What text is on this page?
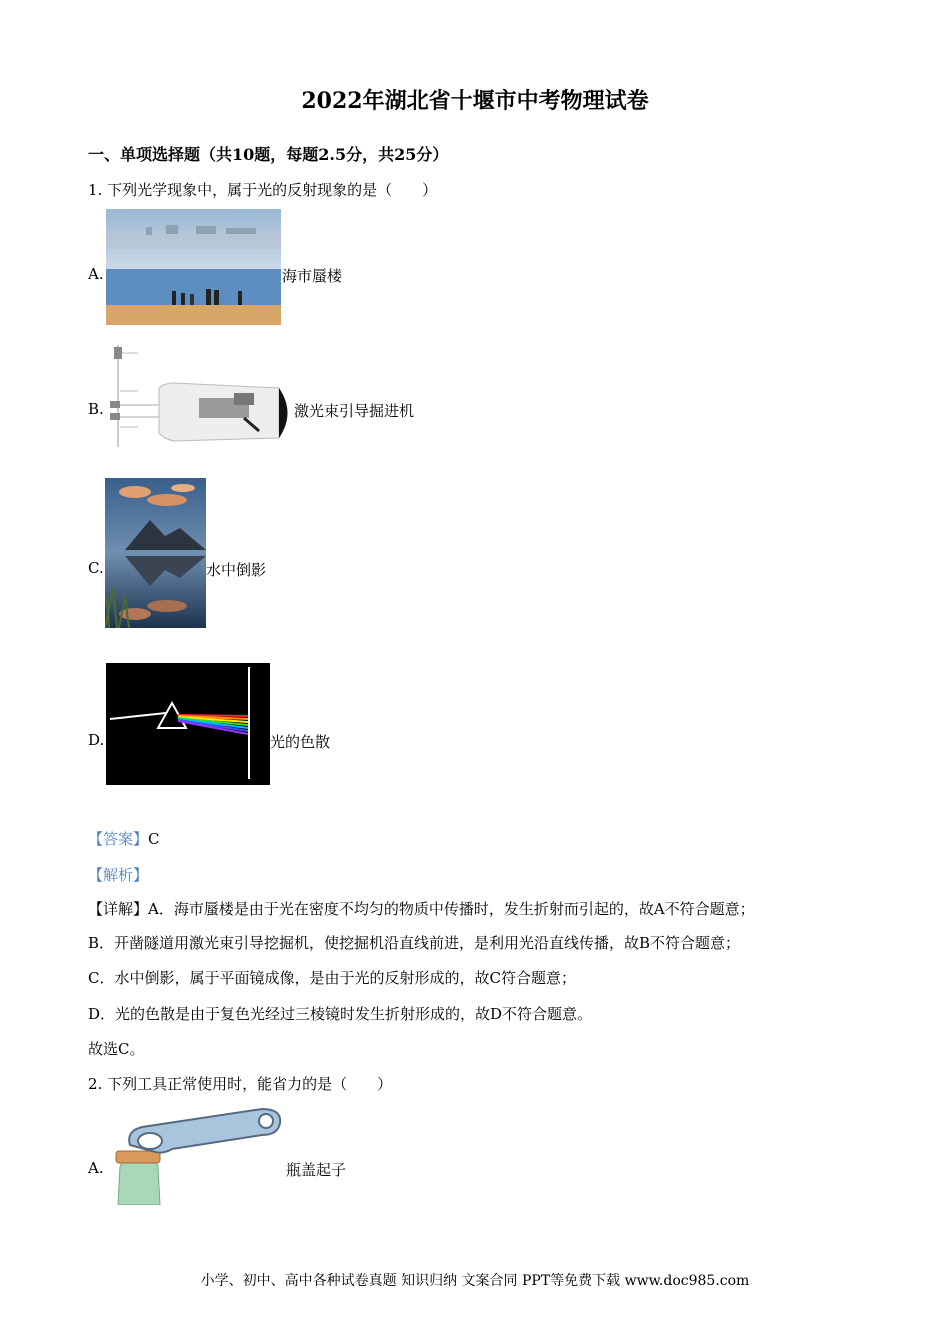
2022年湖北省十堰市中考物理试卷
一、单项选择题（共10题，每题2.5分，共25分）
1. 下列光学现象中，属于光的反射现象的是（　　）
A.	海市蜃楼
B.	激光束引导掘进机
C.	水中倒影
D.	光的色散
【答案】C
【解析】
【详解】A．海市蜃楼是由于光在密度不均匀的物质中传播时，发生折射而引起的，故A不符合题意；
B．开凿隧道用激光束引导挖掘机，使挖掘机沿直线前进，是利用光沿直线传播，故B不符合题意；
C．水中倒影，属于平面镜成像，是由于光的反射形成的，故C符合题意；
D．光的色散是由于复色光经过三棱镜时发生折射形成的，故D不符合题意。
故选C。
2. 下列工具正常使用时，能省力的是（　　）
A.	瓶盖起子
小学、初中、高中各种试卷真题 知识归纳 文案合同 PPT等免费下载 www.doc985.com
